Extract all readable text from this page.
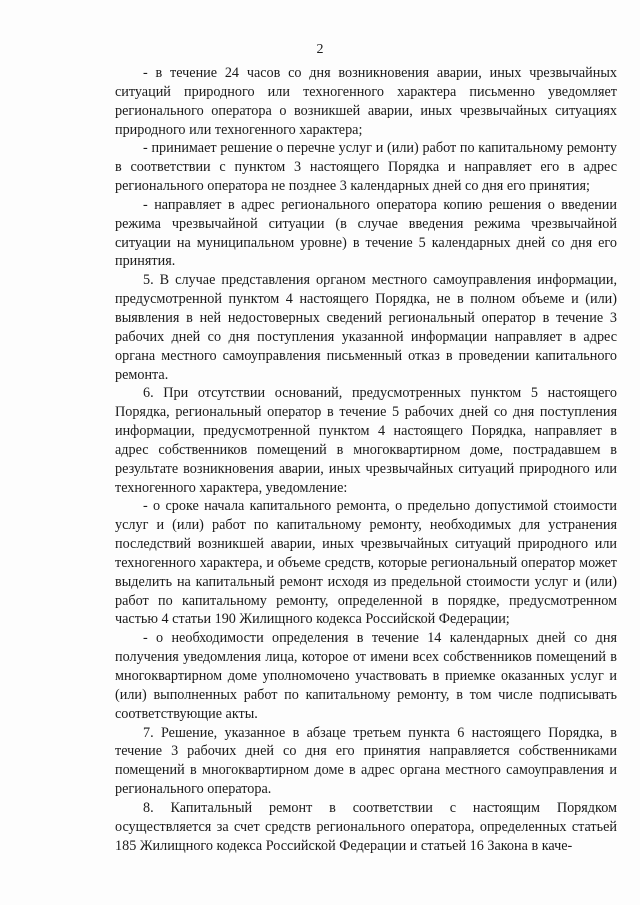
2

- в течение 24 часов со дня возникновения аварии, иных чрезвычайных ситуаций природного или техногенного характера письменно уведомляет регионального оператора о возникшей аварии, иных чрезвычайных ситуациях природного или техногенного характера;

- принимает решение о перечне услуг и (или) работ по капитальному ремонту в соответствии с пунктом 3 настоящего Порядка и направляет его в адрес регионального оператора не позднее 3 календарных дней со дня его принятия;

- направляет в адрес регионального оператора копию решения о введении режима чрезвычайной ситуации (в случае введения режима чрезвычайной ситуации на муниципальном уровне) в течение 5 календарных дней со дня его принятия.

5. В случае представления органом местного самоуправления информации, предусмотренной пунктом 4 настоящего Порядка, не в полном объеме и (или) выявления в ней недостоверных сведений региональный оператор в течение 3 рабочих дней со дня поступления указанной информации направляет в адрес органа местного самоуправления письменный отказ в проведении капитального ремонта.

6. При отсутствии оснований, предусмотренных пунктом 5 настоящего Порядка, региональный оператор в течение 5 рабочих дней со дня поступления информации, предусмотренной пунктом 4 настоящего Порядка, направляет в адрес собственников помещений в многоквартирном доме, пострадавшем в результате возникновения аварии, иных чрезвычайных ситуаций природного или техногенного характера, уведомление:

- о сроке начала капитального ремонта, о предельно допустимой стоимости услуг и (или) работ по капитальному ремонту, необходимых для устранения последствий возникшей аварии, иных чрезвычайных ситуаций природного или техногенного характера, и объеме средств, которые региональный оператор может выделить на капитальный ремонт исходя из предельной стоимости услуг и (или) работ по капитальному ремонту, определенной в порядке, предусмотренном частью 4 статьи 190 Жилищного кодекса Российской Федерации;

- о необходимости определения в течение 14 календарных дней со дня получения уведомления лица, которое от имени всех собственников помещений в многоквартирном доме уполномочено участвовать в приемке оказанных услуг и (или) выполненных работ по капитальному ремонту, в том числе подписывать соответствующие акты.

7. Решение, указанное в абзаце третьем пункта 6 настоящего Порядка, в течение 3 рабочих дней со дня его принятия направляется собственниками помещений в многоквартирном доме в адрес органа местного самоуправления и регионального оператора.

8. Капитальный ремонт в соответствии с настоящим Порядком осуществляется за счет средств регионального оператора, определенных статьей 185 Жилищного кодекса Российской Федерации и статьей 16 Закона в каче-
